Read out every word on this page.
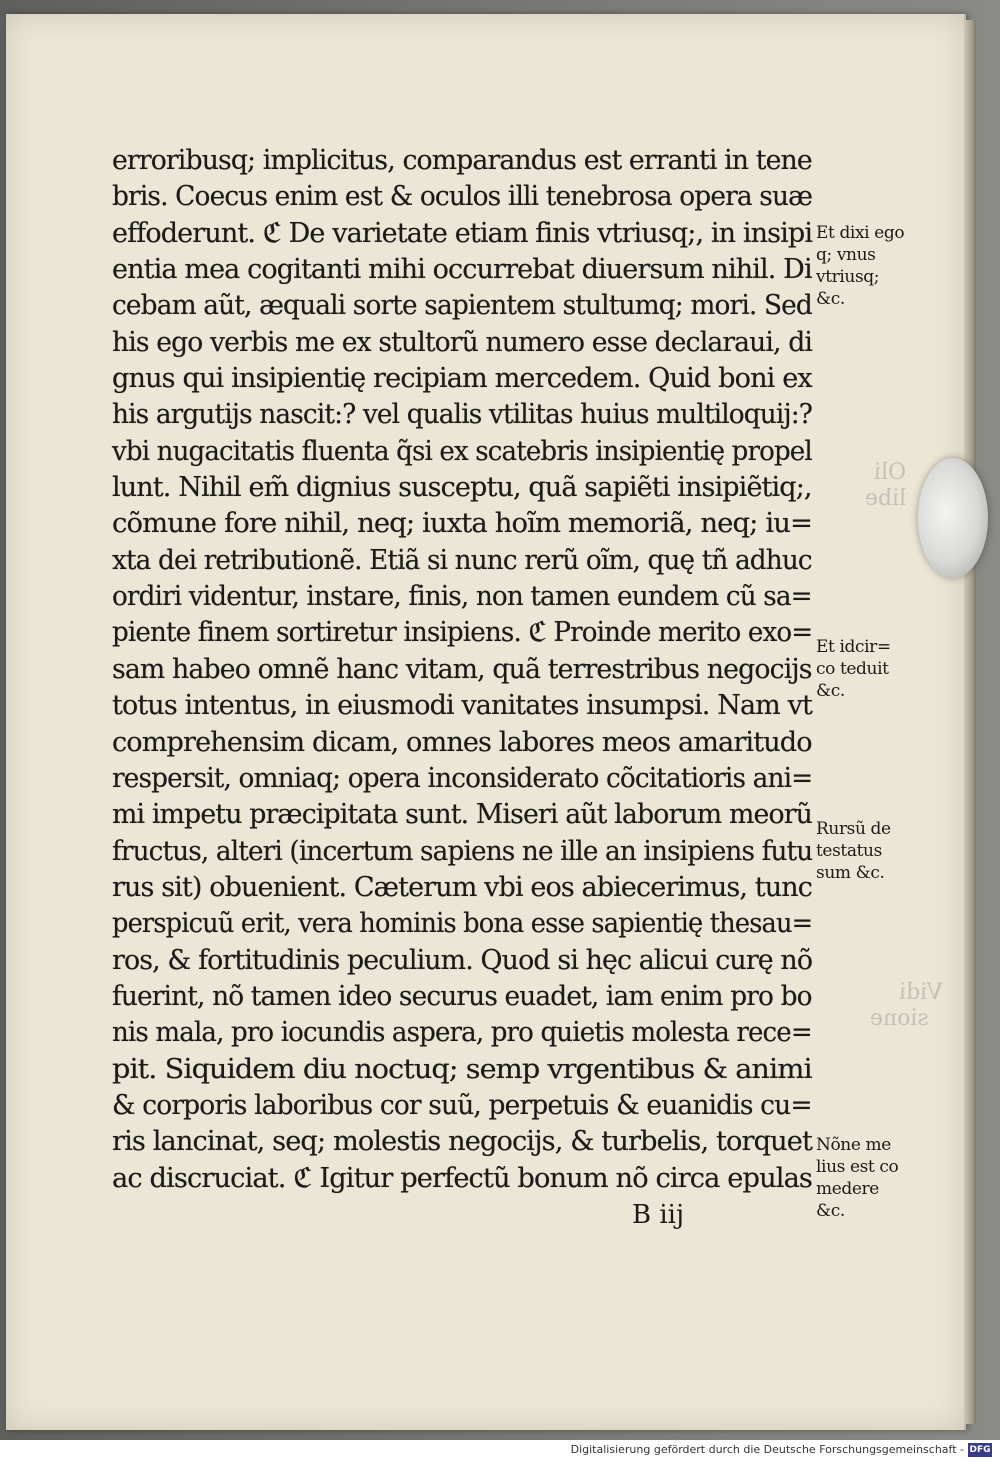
Oli
libe
Vidi
sione
erroribusq; implicitus, comparandus est erranti in tene
bris. Coecus enim est & oculos illi tenebrosa opera suæ
effoderunt. ℭ De varietate etiam finis vtriusq;, in insipi
entia mea cogitanti mihi occurrebat diuersum nihil. Di
cebam aũt, æquali sorte sapientem stultumq; mori. Sed
his ego verbis me ex stultorũ numero esse declaraui, di
gnus qui insipientię recipiam mercedem. Quid boni ex
his argutijs nascit:? vel qualis vtilitas huius multiloquij:?
vbi nugacitatis fluenta q̃si ex scatebris insipientię propel
lunt. Nihil em̃ dignius susceptu, quã sapiẽti insipiẽtiq;,
cõmune fore nihil, neq; iuxta hoĩm memoriã, neq; iu=
xta dei retributionẽ. Etiã si nunc rerũ oĩm, quę tñ adhuc
ordiri videntur, instare, finis, non tamen eundem cũ sa=
piente finem sortiretur insipiens. ℭ Proinde merito exo=
sam habeo omnẽ hanc vitam, quã terrestribus negocijs
totus intentus, in eiusmodi vanitates insumpsi. Nam vt
comprehensim dicam, omnes labores meos amaritudo
respersit, omniaq; opera inconsiderato cõcitatioris ani=
mi impetu præcipitata sunt. Miseri aũt laborum meorũ
fructus, alteri (incertum sapiens ne ille an insipiens futu
rus sit) obuenient. Cæterum vbi eos abiecerimus, tunc
perspicuũ erit, vera hominis bona esse sapientię thesau=
ros, & fortitudinis peculium. Quod si hęc alicui curę nõ
fuerint, nõ tamen ideo securus euadet, iam enim pro bo
nis mala, pro iocundis aspera, pro quietis molesta rece=
pit. Siquidem diu noctuq; semp vrgentibus & animi
& corporis laboribus cor suũ, perpetuis & euanidis cu=
ris lancinat, seq; molestis negocijs, & turbelis, torquet
ac discruciat. ℭ Igitur perfectũ bonum nõ circa epulas
Et dixi ego
q; vnus
vtriusq;
&c.
Et idcir=
co teduit
&c.
Rursũ de
testatus
sum &c.
Nõne me
lius est co
medere
&c.
B iij
Digitalisierung gefördert durch die Deutsche Forschungsgemeinschaft - DFG
